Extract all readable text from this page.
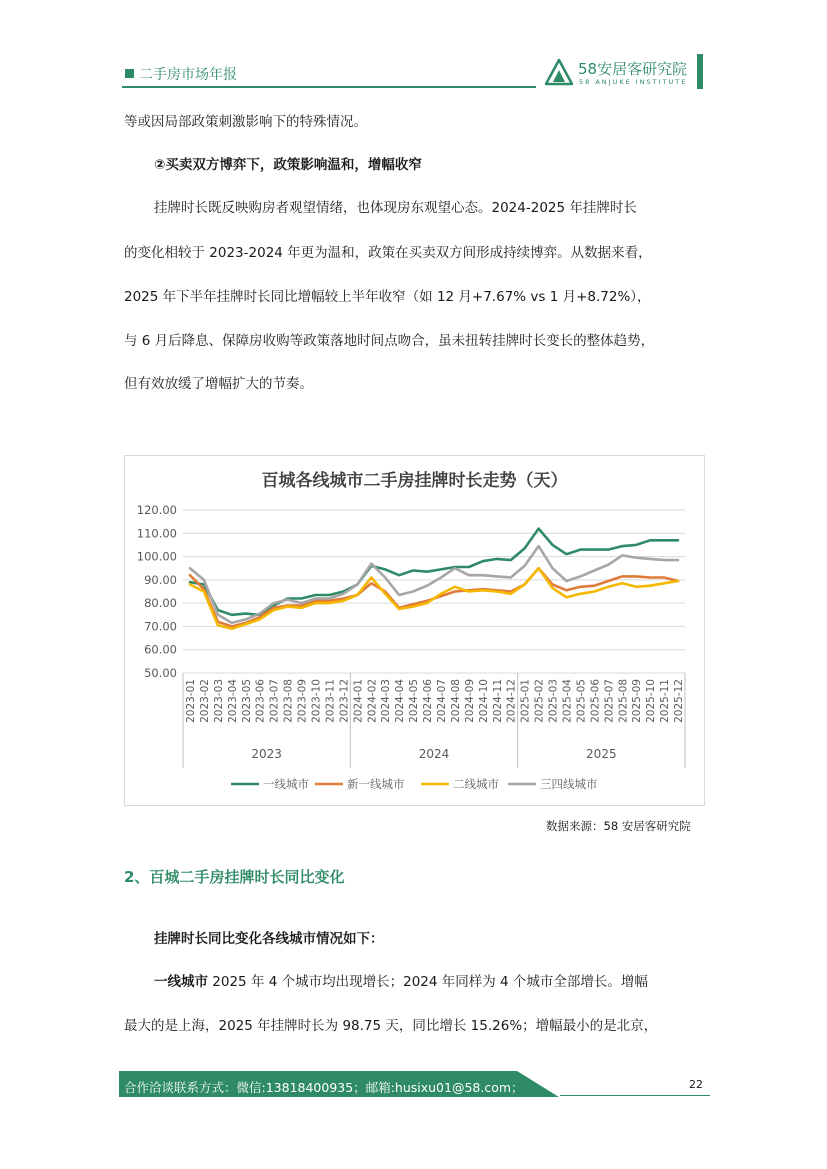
二手房市场年报	58安居客研究院
58 ANJUKE INSTITUTE
等或因局部政策刺激影响下的特殊情况。
②买卖双方博弈下，政策影响温和，增幅收窄
挂牌时长既反映购房者观望情绪，也体现房东观望心态。2024-2025 年挂牌时长
的变化相较于 2023-2024 年更为温和，政策在买卖双方间形成持续博弈。从数据来看，
2025 年下半年挂牌时长同比增幅较上半年收窄（如 12 月+7.67% vs 1 月+8.72%），
与 6 月后降息、保障房收购等政策落地时间点吻合，虽未扭转挂牌时长变长的整体趋势，
但有效放缓了增幅扩大的节奏。
百城各线城市二手房挂牌时长走势（天）
50.00
60.00
70.00
80.00
90.00
100.00
110.00
120.00
2023-01 2023-02 2023-03 2023-04 2023-05 2023-06 2023-07 2023-08 2023-09 2023-10 2023-11 2023-12 2024-01 2024-02 2024-03 2024-04 2024-05 2024-06 2024-07 2024-08 2024-09 2024-10 2024-11 2024-12 2025-01 2025-02 2025-03 2025-04 2025-05 2025-06 2025-07 2025-08 2025-09 2025-10 2025-11 2025-12
2023	2024	2025
一线城市	新一线城市	二线城市	三四线城市
数据来源：58 安居客研究院
2、百城二手房挂牌时长同比变化
挂牌时长同比变化各线城市情况如下：
一线城市 2025 年 4 个城市均出现增长；2024 年同样为 4 个城市全部增长。增幅
最大的是上海，2025 年挂牌时长为 98.75 天，同比增长 15.26%；增幅最小的是北京，
合作洽谈联系方式：微信:13818400935；邮箱:husixu01@58.com；	22
